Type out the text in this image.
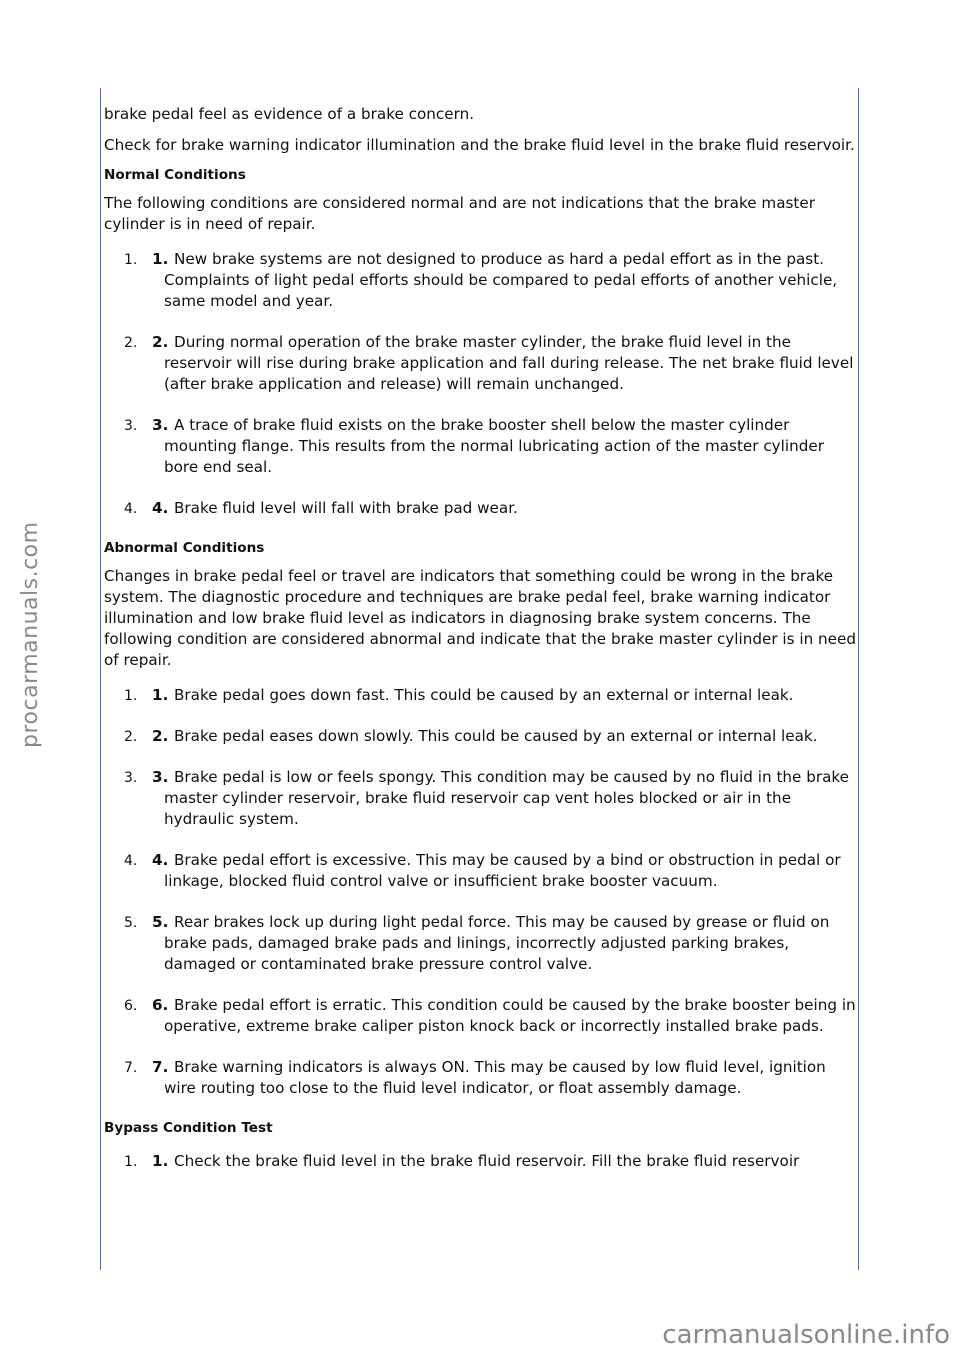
brake pedal feel as evidence of a brake concern.

Check for brake warning indicator illumination and the brake fluid level in the brake fluid reservoir.

Normal Conditions

The following conditions are considered normal and are not indications that the brake master cylinder is in need of repair.

1. 1. New brake systems are not designed to produce as hard a pedal effort as in the past. Complaints of light pedal efforts should be compared to pedal efforts of another vehicle, same model and year.
2. 2. During normal operation of the brake master cylinder, the brake fluid level in the reservoir will rise during brake application and fall during release. The net brake fluid level (after brake application and release) will remain unchanged.
3. 3. A trace of brake fluid exists on the brake booster shell below the master cylinder mounting flange. This results from the normal lubricating action of the master cylinder bore end seal.
4. 4. Brake fluid level will fall with brake pad wear.
Abnormal Conditions

Changes in brake pedal feel or travel are indicators that something could be wrong in the brake system. The diagnostic procedure and techniques are brake pedal feel, brake warning indicator illumination and low brake fluid level as indicators in diagnosing brake system concerns. The following condition are considered abnormal and indicate that the brake master cylinder is in need of repair.

1. 1. Brake pedal goes down fast. This could be caused by an external or internal leak.
2. 2. Brake pedal eases down slowly. This could be caused by an external or internal leak.
3. 3. Brake pedal is low or feels spongy. This condition may be caused by no fluid in the brake master cylinder reservoir, brake fluid reservoir cap vent holes blocked or air in the hydraulic system.
4. 4. Brake pedal effort is excessive. This may be caused by a bind or obstruction in pedal or linkage, blocked fluid control valve or insufficient brake booster vacuum.
5. 5. Rear brakes lock up during light pedal force. This may be caused by grease or fluid on brake pads, damaged brake pads and linings, incorrectly adjusted parking brakes, damaged or contaminated brake pressure control valve.
6. 6. Brake pedal effort is erratic. This condition could be caused by the brake booster being in operative, extreme brake caliper piston knock back or incorrectly installed brake pads.
7. 7. Brake warning indicators is always ON. This may be caused by low fluid level, ignition wire routing too close to the fluid level indicator, or float assembly damage.
Bypass Condition Test
1. 1. Check the brake fluid level in the brake fluid reservoir. Fill the brake fluid reservoir
procarmanuals.com
carmanualsonline.info
